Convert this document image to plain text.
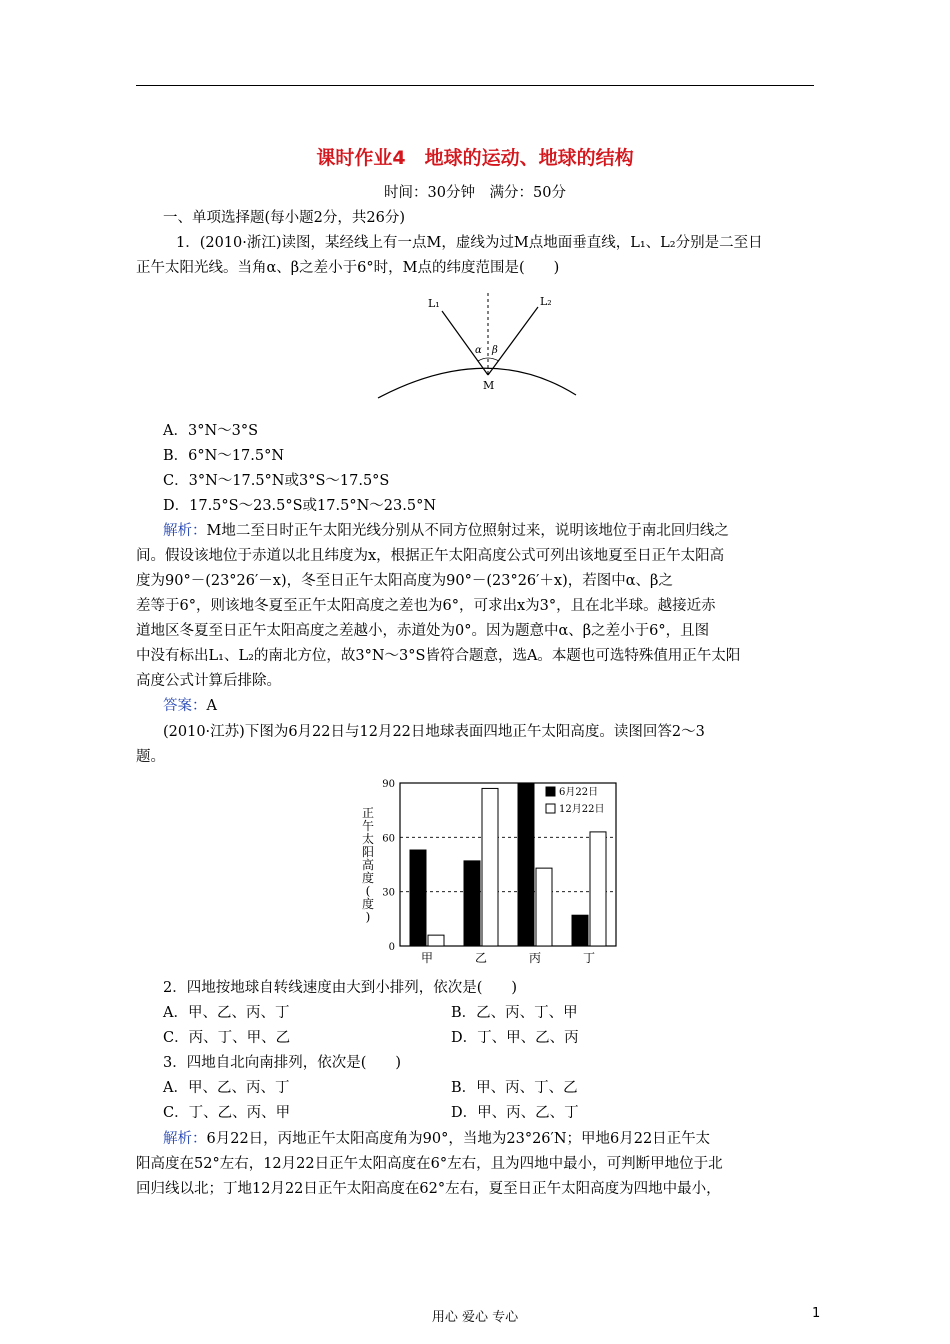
课时作业4　地球的运动、地球的结构
时间：30分钟　满分：50分
一、单项选择题(每小题2分，共26分)
1．(2010·浙江)读图，某经线上有一点M，虚线为过M点地面垂直线，L₁、L₂分别是二至日
正午太阳光线。当角α、β之差小于6°时，M点的纬度范围是(　　)
L₁	L₂
α β
M
A．3°N～3°S
B．6°N～17.5°N
C．3°N～17.5°N或3°S～17.5°S
D．17.5°S～23.5°S或17.5°N～23.5°N
解析：M地二至日时正午太阳光线分别从不同方位照射过来，说明该地位于南北回归线之
间。假设该地位于赤道以北且纬度为x，根据正午太阳高度公式可列出该地夏至日正午太阳高
度为90°－(23°26′－x)，冬至日正午太阳高度为90°－(23°26′＋x)，若图中α、β之
差等于6°，则该地冬夏至正午太阳高度之差也为6°，可求出x为3°，且在北半球。越接近赤
道地区冬夏至日正午太阳高度之差越小，赤道处为0°。因为题意中α、β之差小于6°，且图
中没有标出L₁、L₂的南北方位，故3°N～3°S皆符合题意，选A。本题也可选特殊值用正午太阳
高度公式计算后排除。
答案：A
(2010·江苏)下图为6月22日与12月22日地球表面四地正午太阳高度。读图回答2～3
题。
0
30
60
90
正
午
太
阳
高
度
(
度
)
甲	乙	丙	丁
6月22日
12月22日
2．四地按地球自转线速度由大到小排列，依次是(　　)
A．甲、乙、丙、丁	B．乙、丙、丁、甲
C．丙、丁、甲、乙	D．丁、甲、乙、丙
3．四地自北向南排列，依次是(　　)
A．甲、乙、丙、丁	B．甲、丙、丁、乙
C．丁、乙、丙、甲	D．甲、丙、乙、丁
解析：6月22日，丙地正午太阳高度角为90°，当地为23°26′N；甲地6月22日正午太
阳高度在52°左右，12月22日正午太阳高度在6°左右，且为四地中最小，可判断甲地位于北
回归线以北；丁地12月22日正午太阳高度在62°左右，夏至日正午太阳高度为四地中最小，
用心 爱心 专心	1
